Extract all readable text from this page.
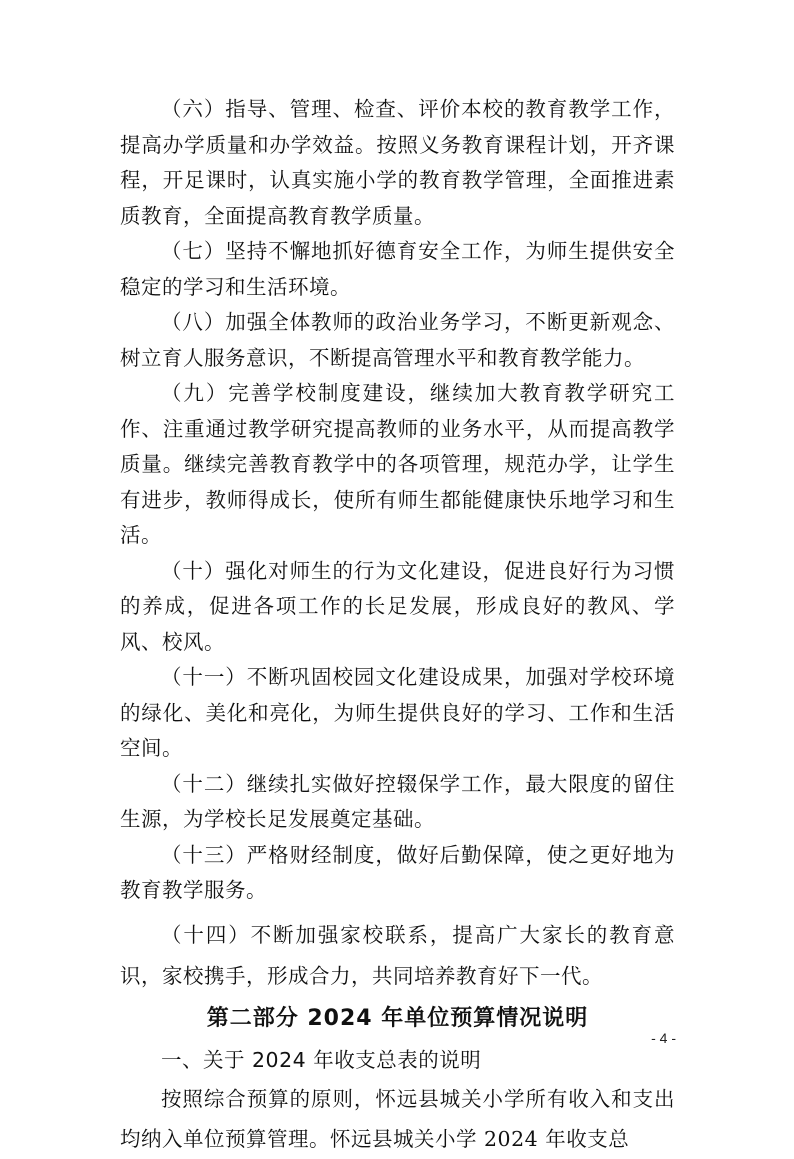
（六）指导、管理、检查、评价本校的教育教学工作，提高办学质量和办学效益。按照义务教育课程计划，开齐课程，开足课时，认真实施小学的教育教学管理，全面推进素质教育，全面提高教育教学质量。

（七）坚持不懈地抓好德育安全工作，为师生提供安全稳定的学习和生活环境。

（八）加强全体教师的政治业务学习，不断更新观念、树立育人服务意识，不断提高管理水平和教育教学能力。

（九）完善学校制度建设，继续加大教育教学研究工作、注重通过教学研究提高教师的业务水平，从而提高教学质量。继续完善教育教学中的各项管理，规范办学，让学生有进步，教师得成长，使所有师生都能健康快乐地学习和生活。

（十）强化对师生的行为文化建设，促进良好行为习惯的养成，促进各项工作的长足发展，形成良好的教风、学风、校风。

（十一）不断巩固校园文化建设成果，加强对学校环境的绿化、美化和亮化，为师生提供良好的学习、工作和生活空间。

（十二）继续扎实做好控辍保学工作，最大限度的留住生源，为学校长足发展奠定基础。

（十三）严格财经制度，做好后勤保障，使之更好地为教育教学服务。

（十四）不断加强家校联系，提高广大家长的教育意识，家校携手，形成合力，共同培养教育好下一代。

第二部分 2024 年单位预算情况说明
一、关于 2024 年收支总表的说明

按照综合预算的原则，怀远县城关小学所有收入和支出均纳入单位预算管理。怀远县城关小学 2024 年收支总

- 4 -
